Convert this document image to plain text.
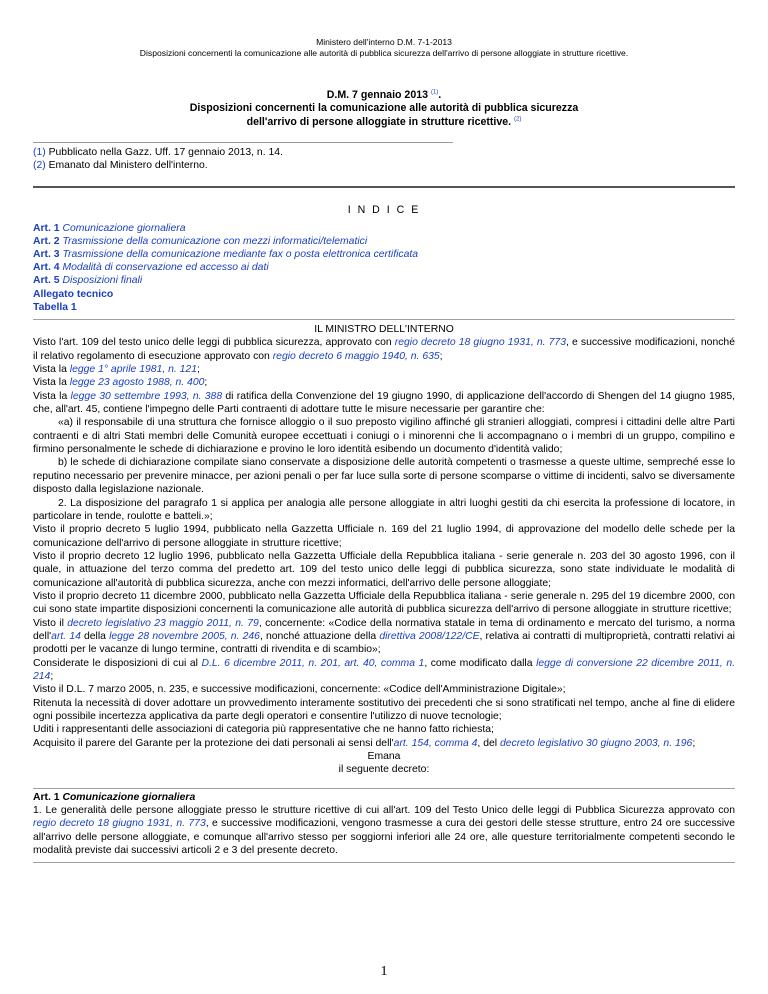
Ministero dell'interno D.M. 7-1-2013
Disposizioni concernenti la comunicazione alle autorità di pubblica sicurezza dell'arrivo di persone alloggiate in strutture ricettive.
D.M. 7 gennaio 2013 $^{(1)}$.
Disposizioni concernenti la comunicazione alle autorità di pubblica sicurezza
dell'arrivo di persone alloggiate in strutture ricettive. $^{(2)}$
(1) Pubblicato nella Gazz. Uff. 17 gennaio 2013, n. 14.
(2) Emanato dal Ministero dell'interno.
I N D I C E
Art. 1 Comunicazione giornaliera
Art. 2 Trasmissione della comunicazione con mezzi informatici/telematici
Art. 3 Trasmissione della comunicazione mediante fax o posta elettronica certificata
Art. 4 Modalità di conservazione ed accesso ai dati
Art. 5 Disposizioni finali
Allegato tecnico
Tabella 1
IL MINISTRO DELL'INTERNO
Visto l'art. 109 del testo unico delle leggi di pubblica sicurezza, approvato con regio decreto 18 giugno 1931, n. 773, e successive modificazioni, nonché il relativo regolamento di esecuzione approvato con regio decreto 6 maggio 1940, n. 635;
Vista la legge 1° aprile 1981, n. 121;
Vista la legge 23 agosto 1988, n. 400;
Vista la legge 30 settembre 1993, n. 388 di ratifica della Convenzione del 19 giugno 1990, di applicazione dell'accordo di Shengen del 14 giugno 1985, che, all'art. 45, contiene l'impegno delle Parti contraenti di adottare tutte le misure necessarie per garantire che:
«a) il responsabile di una struttura che fornisce alloggio o il suo preposto vigilino affinché gli stranieri alloggiati, compresi i cittadini delle altre Parti contraenti e di altri Stati membri delle Comunità europee eccettuati i coniugi o i minorenni che li accompagnano o i membri di un gruppo, compilino e firmino personalmente le schede di dichiarazione e provino le loro identità esibendo un documento d'identità valido;
b) le schede di dichiarazione compilate siano conservate a disposizione delle autorità competenti o trasmesse a queste ultime, sempreché esse lo reputino necessario per prevenire minacce, per azioni penali o per far luce sulla sorte di persone scomparse o vittime di incidenti, salvo se diversamente disposto dalla legislazione nazionale.
2. La disposizione del paragrafo 1 si applica per analogia alle persone alloggiate in altri luoghi gestiti da chi esercita la professione di locatore, in particolare in tende, roulotte e batteli.»;
Visto il proprio decreto 5 luglio 1994, pubblicato nella Gazzetta Ufficiale n. 169 del 21 luglio 1994, di approvazione del modello delle schede per la comunicazione dell'arrivo di persone alloggiate in strutture ricettive;
Visto il proprio decreto 12 luglio 1996, pubblicato nella Gazzetta Ufficiale della Repubblica italiana - serie generale n. 203 del 30 agosto 1996, con il quale, in attuazione del terzo comma del predetto art. 109 del testo unico delle leggi di pubblica sicurezza, sono state individuate le modalità di comunicazione all'autorità di pubblica sicurezza, anche con mezzi informatici, dell'arrivo delle persone alloggiate;
Visto il proprio decreto 11 dicembre 2000, pubblicato nella Gazzetta Ufficiale della Repubblica italiana - serie generale n. 295 del 19 dicembre 2000, con cui sono state impartite disposizioni concernenti la comunicazione alle autorità di pubblica sicurezza dell'arrivo di persone alloggiate in strutture ricettive;
Visto il decreto legislativo 23 maggio 2011, n. 79, concernente: «Codice della normativa statale in tema di ordinamento e mercato del turismo, a norma dell'art. 14 della legge 28 novembre 2005, n. 246, nonché attuazione della direttiva 2008/122/CE, relativa ai contratti di multiproprietà, contratti relativi ai prodotti per le vacanze di lungo termine, contratti di rivendita e di scambio»;
Considerate le disposizioni di cui al D.L. 6 dicembre 2011, n. 201, art. 40, comma 1, come modificato dalla legge di conversione 22 dicembre 2011, n. 214;
Visto il D.L. 7 marzo 2005, n. 235, e successive modificazioni, concernente: «Codice dell'Amministrazione Digitale»;
Ritenuta la necessità di dover adottare un provvedimento interamente sostitutivo dei precedenti che si sono stratificati nel tempo, anche al fine di elidere ogni possibile incertezza applicativa da parte degli operatori e consentire l'utilizzo di nuove tecnologie;
Uditi i rappresentanti delle associazioni di categoria più rappresentative che ne hanno fatto richiesta;
Acquisito il parere del Garante per la protezione dei dati personali ai sensi dell'art. 154, comma 4, del decreto legislativo 30 giugno 2003, n. 196;
Emana
il seguente decreto:
Art. 1 Comunicazione giornaliera
1. Le generalità delle persone alloggiate presso le strutture ricettive di cui all'art. 109 del Testo Unico delle leggi di Pubblica Sicurezza approvato con regio decreto 18 giugno 1931, n. 773, e successive modificazioni, vengono trasmesse a cura dei gestori delle stesse strutture, entro 24 ore successive all'arrivo delle persone alloggiate, e comunque all'arrivo stesso per soggiorni inferiori alle 24 ore, alle questure territorialmente competenti secondo le modalità previste dai successivi articoli 2 e 3 del presente decreto.
1
